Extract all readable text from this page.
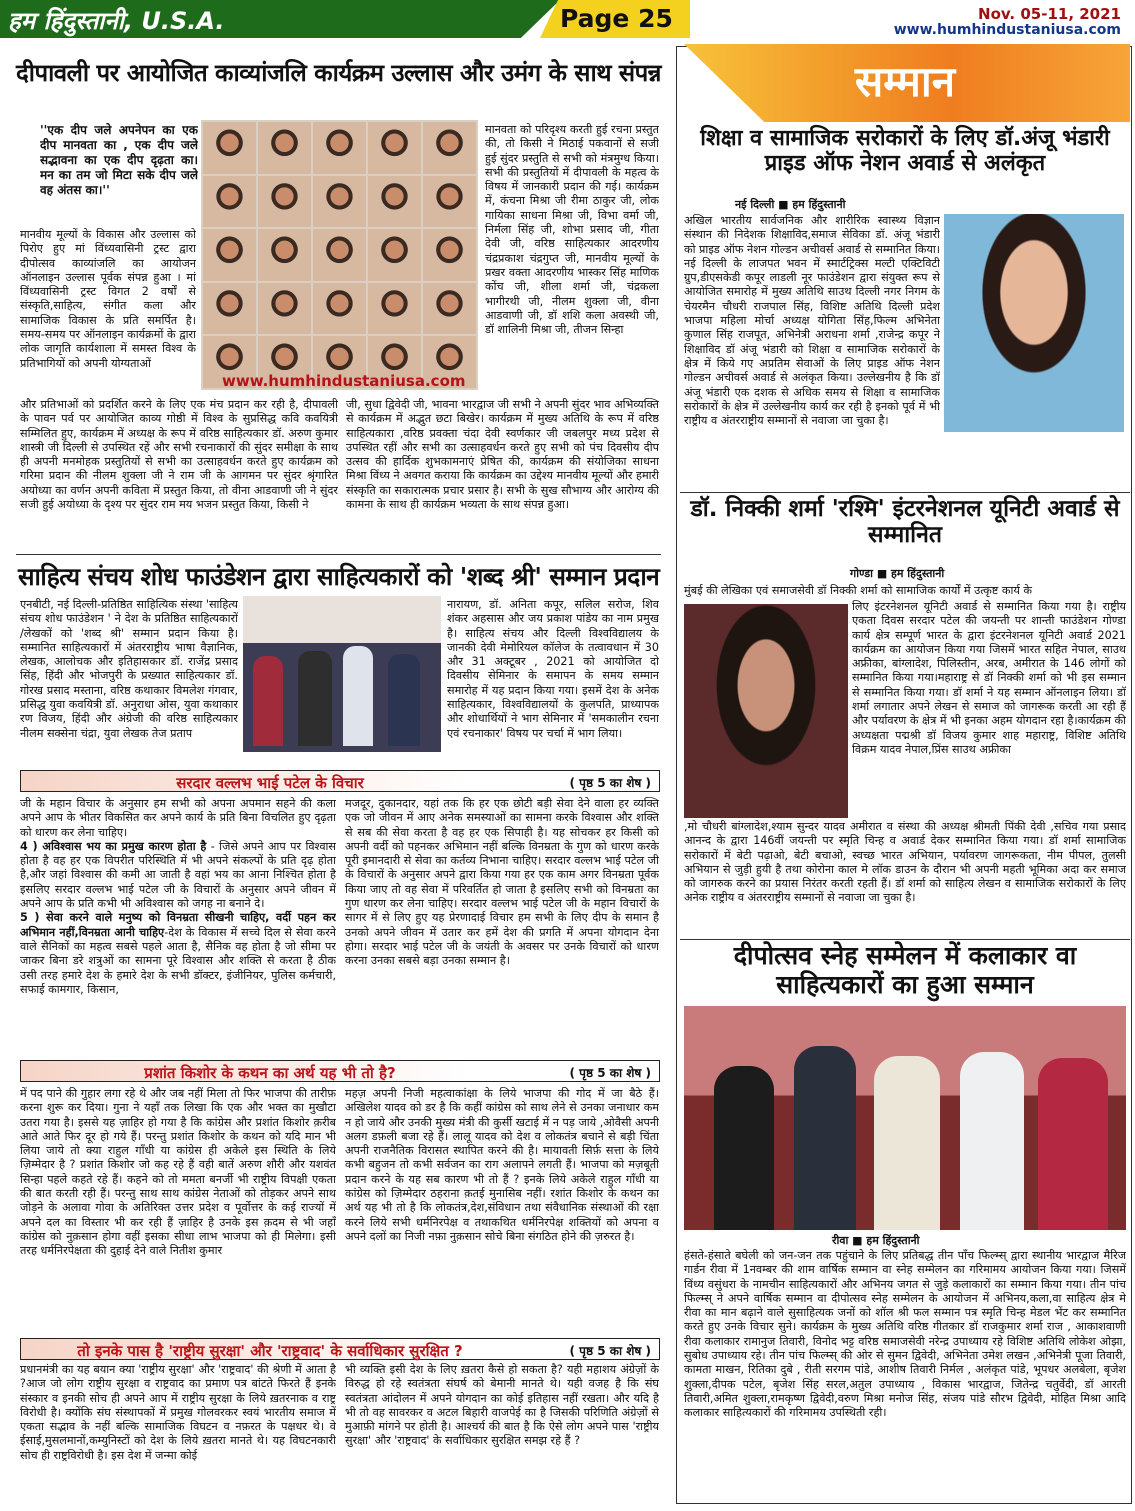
हम हिंदुस्तानी, U.S.A.	Page 25	Nov. 05-11, 2021
www.humhindustaniusa.com
दीपावली पर आयोजित काव्यांजलि कार्यक्रम उल्लास और उमंग के साथ संपन्न
''एक दीप जले अपनेपन का एक दीप मानवता का , एक दीप जले सद्भावना का एक दीप दृढ़ता का। मन का तम जो मिटा सके दीप जले वह अंतस का।''
मानवीय मूल्यों के विकास और उल्लास को पिरोए हुए मां विंध्यवासिनी ट्रस्ट द्वारा दीपोत्सव काव्यांजलि का आयोजन ऑनलाइन उल्लास पूर्वक संपन्न हुआ । मां विंध्यवासिनी ट्रस्ट विगत 2 वर्षों से संस्कृति,साहित्य, संगीत कला और सामाजिक विकास के प्रति समर्पित है। समय-समय पर ऑनलाइन कार्यक्रमों के द्वारा लोक जागृति कार्यशाला में समस्त विश्व के प्रतिभागियों को अपनी योग्यताओं
www.humhindustaniusa.com
मानवता को परिदृश्य करती हुई रचना प्रस्तुत की, तो किसी ने मिठाई पकवानों से सजी हुई सुंदर प्रस्तुति से सभी को मंत्रमुग्ध किया। सभी की प्रस्तुतियों में दीपावली के महत्व के विषय में जानकारी प्रदान की गई। कार्यक्रम में, कंचना मिश्रा जी रीमा ठाकुर जी, लोक गायिका साधना मिश्रा जी, विभा वर्मा जी, निर्मला सिंह जी, शोभा प्रसाद जी, गीता देवी जी, वरिष्ठ साहित्यकार आदरणीय चंद्रप्रकाश चंद्रगुप्त जी, मानवीय मूल्यों के प्रखर वक्ता आदरणीय भास्कर सिंह माणिक कोंच जी, शीला शर्मा जी, चंद्रकला भागीरथी जी, नीलम शुक्ला जी, वीना आडवाणी जी, डॉ शशि कला अवस्थी जी, डॉ शालिनी मिश्रा जी, तीजन सिन्हा
और प्रतिभाओं को प्रदर्शित करने के लिए एक मंच प्रदान कर रही है, दीपावली के पावन पर्व पर आयोजित काव्य गोष्ठी में विश्व के सुप्रसिद्ध कवि कवयित्री सम्मिलित हुए, कार्यक्रम में अध्यक्ष के रूप में वरिष्ठ साहित्यकार डॉ. अरुण कुमार शास्त्री जी दिल्ली से उपस्थित रहें और सभी रचनाकारों की सुंदर समीक्षा के साथ ही अपनी मनमोहक प्रस्तुतियों से सभी का उत्साहवर्धन करते हुए कार्यक्रम को गरिमा प्रदान की नीलम शुक्ला जी ने राम जी के आगमन पर सुंदर श्रृंगारित अयोध्या का वर्णन अपनी कविता में प्रस्तुत किया, तो वीना आडवाणी जी ने सुंदर सजी हुई अयोध्या के दृश्य पर सुंदर राम मय भजन प्रस्तुत किया, किसी ने
जी, सुधा द्विवेदी जी, भावना भारद्वाज जी सभी ने अपनी सुंदर भाव अभिव्यक्ति से कार्यक्रम में अद्भुत छटा बिखेर। कार्यक्रम में मुख्य अतिथि के रूप में वरिष्ठ साहित्यकारा ,वरिष्ठ प्रवक्ता चंदा देवी स्वर्णकार जी जबलपुर मध्य प्रदेश से उपस्थित रहीं और सभी का उत्साहवर्धन करते हुए सभी को पंच दिवसीय दीप उत्सव की हार्दिक शुभकामनाएं प्रेषित की, कार्यक्रम की संयोजिका साधना मिश्रा विंध्य ने अवगत कराया कि कार्यक्रम का उद्देश्य मानवीय मूल्यों और हमारी संस्कृति का सकारात्मक प्रचार प्रसार है। सभी के सुख सौभाग्य और आरोग्य की कामना के साथ ही कार्यक्रम भव्यता के साथ संपन्न हुआ।
साहित्य संचय शोध फाउंडेशन द्वारा साहित्यकारों को 'शब्द श्री' सम्मान प्रदान
एनबीटी, नई दिल्ली-प्रतिष्ठित साहित्यिक संस्था 'साहित्य संचय शोध फाउंडेशन ' ने देश के प्रतिष्ठित साहित्यकारों /लेखकों को 'शब्द श्री' सम्मान प्रदान किया है। सम्मानित साहित्यकारों में अंतरराष्ट्रीय भाषा वैज्ञानिक, लेखक, आलोचक और इतिहासकार डॉ. राजेंद्र प्रसाद सिंह, हिंदी और भोजपुरी के प्रख्यात साहित्यकार डॉ. गोरख प्रसाद मस्ताना, वरिष्ठ कथाकार विमलेश गंगवार, प्रसिद्ध युवा कवयित्री डॉ. अनुराधा ओस, युवा कथाकार रण विजय, हिंदी और अंग्रेजी की वरिष्ठ साहित्यकार नीलम सक्सेना चंद्रा, युवा लेखक तेज प्रताप
नारायण, डॉ. अनिता कपूर, सलिल सरोज, शिव शंकर अहसास और जय प्रकाश पांडेय का नाम प्रमुख है। साहित्य संचय और दिल्ली विश्वविद्यालय के जानकी देवी मेमोरियल कॉलेज के तत्वावधान में 30 और 31 अक्टूबर , 2021 को आयोजित दो दिवसीय सेमिनार के समापन के समय सम्मान समारोह में यह प्रदान किया गया। इसमें देश के अनेक साहित्यकार, विश्वविद्यालयों के कुलपति, प्राध्यापक और शोधार्थियों ने भाग सेमिनार में 'समकालीन रचना एवं रचनाकार' विषय पर चर्चा में भाग लिया।
सरदार वल्लभ भाई पटेल के विचार	( पृष्ठ 5 का शेष )
जी के महान विचार के अनुसार हम सभी को अपना अपमान सहने की कला अपने आप के भीतर विकसित कर अपने कार्य के प्रति बिना विचलित हुए दृढ़ता को धारण कर लेना चाहिए।
4 ) अविश्वास भय का प्रमुख कारण होता है - जिसे अपने आप पर विश्वास होता है वह हर एक विपरीत परिस्थिति में भी अपने संकल्पों के प्रति दृढ़ होता है,और जहां विश्वास की कमी आ जाती है वहां भय का आना निश्चित होता है इसलिए सरदार वल्लभ भाई पटेल जी के विचारों के अनुसार अपने जीवन में अपने आप के प्रति कभी भी अविश्वास को जगह ना बनाने दे।
5 ) सेवा करने वाले मनुष्य को विनम्रता सीखनी चाहिए, वर्दी पहन कर अभिमान नहीं,विनम्रता आनी चाहिए-देश के विकास में सच्चे दिल से सेवा करने वाले सैनिकों का महत्व सबसे पहले आता है, सैनिक वह होता है जो सीमा पर जाकर बिना डरे शत्रुओं का सामना पूरे विश्वास और शक्ति से करता है ठीक उसी तरह हमारे देश के हमारे देश के सभी डॉक्टर, इंजीनियर, पुलिस कर्मचारी, सफाई कामगार, किसान,
मजदूर, दुकानदार, यहां तक कि हर एक छोटी बड़ी सेवा देने वाला हर व्यक्ति एक जो जीवन में आए अनेक समस्याओं का सामना करके विश्वास और शक्ति से सब की सेवा करता है वह हर एक सिपाही है। यह सोचकर हर किसी को अपनी वर्दी को पहनकर अभिमान नहीं बल्कि विनम्रता के गुण को धारण करके पूरी इमानदारी से सेवा का कर्तव्य निभाना चाहिए। सरदार वल्लभ भाई पटेल जी के विचारों के अनुसार अपने द्वारा किया गया हर एक काम अगर विनम्रता पूर्वक किया जाए तो वह सेवा में परिवर्तित हो जाता है इसलिए सभी को विनम्रता का गुण धारण कर लेना चाहिए। सरदार वल्लभ भाई पटेल जी के महान विचारों के सागर में से लिए हुए यह प्रेरणादाई विचार हम सभी के लिए दीप के समान है उनको अपने जीवन में उतार कर हमें देश की प्रगति में अपना योगदान देना होगा। सरदार भाई पटेल जी के जयंती के अवसर पर उनके विचारों को धारण करना उनका सबसे बड़ा उनका सम्मान है।
प्रशांत किशोर के कथन का अर्थ यह भी तो है?	( पृष्ठ 5 का शेष )
में पद पाने की गुहार लगा रहे थे और जब नहीं मिला तो फिर भाजपा की तारीफ़ करना शुरू कर दिया। गुना ने यहाँ तक लिखा कि एक और भक्त का मुखौटा उतरा गया है। इससे यह ज़ाहिर हो गया है कि कांग्रेस और प्रशांत किशोर क़रीब आते आते फिर दूर हो गये हैं। परन्तु प्रशांत किशोर के कथन को यदि मान भी लिया जाये तो क्या राहुल गाँधी या कांग्रेस ही अकेले इस स्थिति के लिये ज़िम्मेदार है ? प्रशांत किशोर जो कह रहे हैं वही बातें अरुण शौरी और यशवंत सिन्हा पहले कहते रहे हैं। कहने को तो ममता बनर्जी भी राष्ट्रीय विपक्षी एकता की बात करती रही हैं। परन्तु साथ साथ कांग्रेस नेताओं को तोड़कर अपने साथ जोड़ने के अलावा गोवा के अतिरिक्त उत्तर प्रदेश व पूर्वोत्तर के कई राज्यों में अपने दल का विस्तार भी कर रही हैं ज़ाहिर है उनके इस क़दम से भी जहाँ कांग्रेस को नुक़सान होगा वहीं इसका सीधा लाभ भाजपा को ही मिलेगा। इसी तरह धर्मनिरपेक्षता की दुहाई देने वाले नितीश कुमार
महज़ अपनी निजी महत्वाकांक्षा के लिये भाजपा की गोद में जा बैठे हैं। अखिलेश यादव को डर है कि कहीं कांग्रेस को साथ लेने से उनका जनाधार कम न हो जाये और उनकी मुख्य मंत्री की कुर्सी खटाई में न पड़ जाये ,ओवैसी अपनी अलग डफ़ली बजा रहे हैं। लालू यादव को देश व लोकतंत्र बचाने से बड़ी चिंता अपनी राजनैतिक विरासत स्थापित करने की है। मायावती सिर्फ़ सत्ता के लिये कभी बहुजन तो कभी सर्वजन का राग अलापने लगती हैं। भाजपा को मज़बूती प्रदान करने के यह सब कारण भी तो हैं ? इनके लिये अकेले राहुल गाँधी या कांग्रेस को ज़िम्मेदार ठहराना क़तई मुनासिब नहीं। रशांत किशोर के कथन का अर्थ यह भी तो है कि लोकतंत्र,देश,संविधान तथा संवैधानिक संस्थाओं की रक्षा करने लिये सभी धर्मनिरपेक्ष व तथाकथित धर्मनिरपेक्ष शक्तियों को अपना व अपने दलों का निजी नफ़ा नुक़सान सोचे बिना संगठित होने की ज़रुरत है।
तो इनके पास है 'राष्ट्रीय सुरक्षा' और 'राष्ट्रवाद' के सर्वाधिकार सुरक्षित ?	( पृष्ठ 5 का शेष )
प्रधानमंत्री का यह बयान क्या 'राष्ट्रीय सुरक्षा' और 'राष्ट्रवाद' की श्रेणी में आता है ?आज जो लोग राष्ट्रीय सुरक्षा व राष्ट्रवाद का प्रमाण पत्र बांटते फिरते हैं इनके संस्कार व इनकी सोच ही अपने आप में राष्ट्रीय सुरक्षा के लिये ख़तरनाक व राष्ट्र विरोधी है। क्योंकि संघ संस्थापकों में प्रमुख गोलवरकर स्वयं भारतीय समाज में एकता सद्भाव के नहीं बल्कि सामाजिक विघटन व नफ़रत के पक्षधर थे। वे ईसाई,मुसलमानों,कम्युनिस्टों को देश के लिये ख़तरा मानते थे। यह विघटनकारी सोच ही राष्ट्रविरोधी है। इस देश में जन्मा कोई
भी व्यक्ति इसी देश के लिए ख़तरा कैसे हो सकता है? यही महाशय अंग्रेज़ों के विरुद्ध हो रहे स्वतंत्रता संघर्ष को बेमानी मानते थे। यही वजह है कि संघ स्वतंत्रता आंदोलन में अपने योगदान का कोई इतिहास नहीं रखता। और यदि है भी तो वह सावरकर व अटल बिहारी वाजपेई का है जिसकी परिणिति अंग्रेज़ों से मुआफ़ी मांगने पर होती है। आश्चर्य की बात है कि ऐसे लोग अपने पास 'राष्ट्रीय सुरक्षा' और 'राष्ट्रवाद' के सर्वाधिकार सुरक्षित समझ रहे हैं ?
सम्मान
शिक्षा व सामाजिक सरोकारों के लिए डॉ.अंजू भंडारी प्राइड ऑफ नेशन अवार्ड से अलंकृत
नई दिल्ली ■ हम हिंदुस्तानी
अखिल भारतीय सार्वजनिक और शारीरिक स्वास्थ्य विज्ञान संस्थान की निदेशक शिक्षाविद,समाज सेविका डॉ. अंजू भंडारी को प्राइड ऑफ नेशन गोल्डन अचीवर्स अवार्ड से सम्मानित किया। नई दिल्ली के लाजपत भवन में स्मार्टट्रिक्स मल्टी एक्टिविटी ग्रुप,डीएसकेडी कपूर लाडली नूर फाउंडेशन द्वारा संयुक्त रूप से आयोजित समारोह में मुख्य अतिथि साउथ दिल्ली नगर निगम के चेयरमैन चौधरी राजपाल सिंह, विशिष्ट अतिथि दिल्ली प्रदेश भाजपा महिला मोर्चा अध्यक्ष योगिता सिंह,फिल्म अभिनेता कुणाल सिंह राजपूत, अभिनेत्री अराधना शर्मा ,राजेन्द्र कपूर ने शिक्षाविद डॉ अंजू भंडारी को शिक्षा व सामाजिक सरोकारों के क्षेत्र में किये गए अप्रतिम सेवाओं के लिए प्राइड ऑफ नेशन गोल्डन अचीवर्स अवार्ड से अलंकृत किया। उल्लेखनीय है कि डॉ अंजू भंडारी एक दशक से अधिक समय से शिक्षा व सामाजिक सरोकारों के क्षेत्र में उल्लेखनीय कार्य कर रही है इनको पूर्व में भी राष्ट्रीय व अंतरराष्ट्रीय सम्मानों से नवाजा जा चुका है।
डॉ. निक्की शर्मा 'रश्मि' इंटरनेशनल यूनिटी अवार्ड से सम्मानित
गोण्डा ■ हम हिंदुस्तानी
मुंबई की लेखिका एवं समाजसेवी डॉ निक्की शर्मा को सामाजिक कार्यों में उत्कृष्ट कार्य के
लिए इंटरनेशनल यूनिटी अवार्ड से सम्मानित किया गया है। राष्ट्रीय एकता दिवस सरदार पटेल की जयन्ती पर शान्ती फाउंडेशन गोण्डा कार्य क्षेत्र सम्पूर्ण भारत के द्वारा इंटरनेशनल यूनिटी अवार्ड 2021 कार्यक्रम का आयोजन किया गया जिसमें भारत सहित नेपाल, साउथ अफ्रीका, बांग्लादेश, पिलिस्तीन, अरब, अमीरात के 146 लोगों को सम्मानित किया गया।महाराष्ट्र से डॉ निक्की शर्मा को भी इस सम्मान से सम्मानित किया गया। डॉ शर्मा ने यह सम्मान ऑनलाइन लिया। डॉ शर्मा लगातार अपने लेखन से समाज को जागरूक करती आ रही हैं और पर्यावरण के क्षेत्र में भी इनका अहम योगदान रहा है।कार्यक्रम की अध्यक्षता पद्मश्री डॉ विजय कुमार शाह महाराष्ट्र, विशिष्ट अतिथि विक्रम यादव नेपाल,प्रिंस साउथ अफ्रीका
,मो चौधरी बांग्लादेश,श्याम सुन्दर यादव अमीरात व संस्था की अध्यक्ष श्रीमती पिंकी देवी ,सचिव गया प्रसाद आनन्द के द्वारा 146वीं जयन्ती पर स्मृति चिन्ह व अवार्ड देकर सम्मानित किया गया। डॉ शर्मा सामाजिक सरोकारों में बेटी पढ़ाओ, बेटी बचाओ, स्वच्छ भारत अभियान, पर्यावरण जागरूकता, नीम पीपल, तुलसी अभियान से जुड़ी हुयी है तथा कोरोना काल मे लॉक डाउन के दौरान भी अपनी महती भूमिका अदा कर समाज को जागरुक करने का प्रयास निरंतर करती रहती हैं। डॉ शर्मा को साहित्य लेखन व सामाजिक सरोकारों के लिए अनेक राष्ट्रीय व अंतरराष्ट्रीय सम्मानों से नवाजा जा चुका है।
दीपोत्सव स्नेह सम्मेलन में कलाकार वा साहित्यकारों का हुआ सम्मान
रीवा ■ हम हिंदुस्तानी
हंसते-हंसाते बघेली को जन-जन तक पहुंचाने के लिए प्रतिबद्ध तीन पाँच फिल्म्स् द्वारा स्थानीय भारद्वाज मैरिज गार्डन रीवा में 1नवम्बर की शाम वार्षिक सम्मान वा स्नेह सम्मेलन का गरिमामय आयोजन किया गया। जिसमें विंध्य वसुंधरा के नामचीन साहित्यकारों और अभिनय जगत से जुड़े कलाकारों का सम्मान किया गया। तीन पांच फिल्म्स् ने अपने वार्षिक सम्मान वा दीपोत्सव स्नेह सम्मेलन के आयोजन में अभिनय,कला,वा साहित्य क्षेत्र मे रीवा का मान बढ़ाने वाले सुसाहित्यक जनों को शॉल श्री फल सम्मान पत्र स्मृति चिन्ह मेडल भेंट कर सम्मानित करते हुए उनके विचार सुने। कार्यक्रम के मुख्य अतिथि वरिष्ठ गीतकार डॉ राजकुमार शर्मा राज , आकाशवाणी रीवा कलाकार रामानुज तिवारी, विनोद भट्ट वरिष्ठ समाजसेवी नरेन्द्र उपाध्याय रहे विशिष्ट अतिथि लोकेश ओझा, सुबोध उपाध्याय रहे। तीन पांच फिल्म्स् की ओर से सुमन द्विवेदी, अभिनेता उमेश लखन ,अभिनेत्री पूजा तिवारी, कामता माखन, रितिका दुबे , रीती सरगम पांडे, आशीष तिवारी निर्मल , अलंकृत पांडे, भूपधर अलबेला, बृजेश शुक्ला,दीपक पटेल, बृजेश सिंह सरल,अतुल उपाध्याय , विकास भारद्वाज, जितेन्द्र चतुर्वेदी, डॉ आरती तिवारी,अमित शुक्ला,रामकृष्ण द्विवेदी,वरुण मिश्रा मनोज सिंह, संजय पांडे सौरभ द्विवेदी, मोहित मिश्रा आदि कलाकार साहित्यकारों की गरिमामय उपस्थिती रही।
